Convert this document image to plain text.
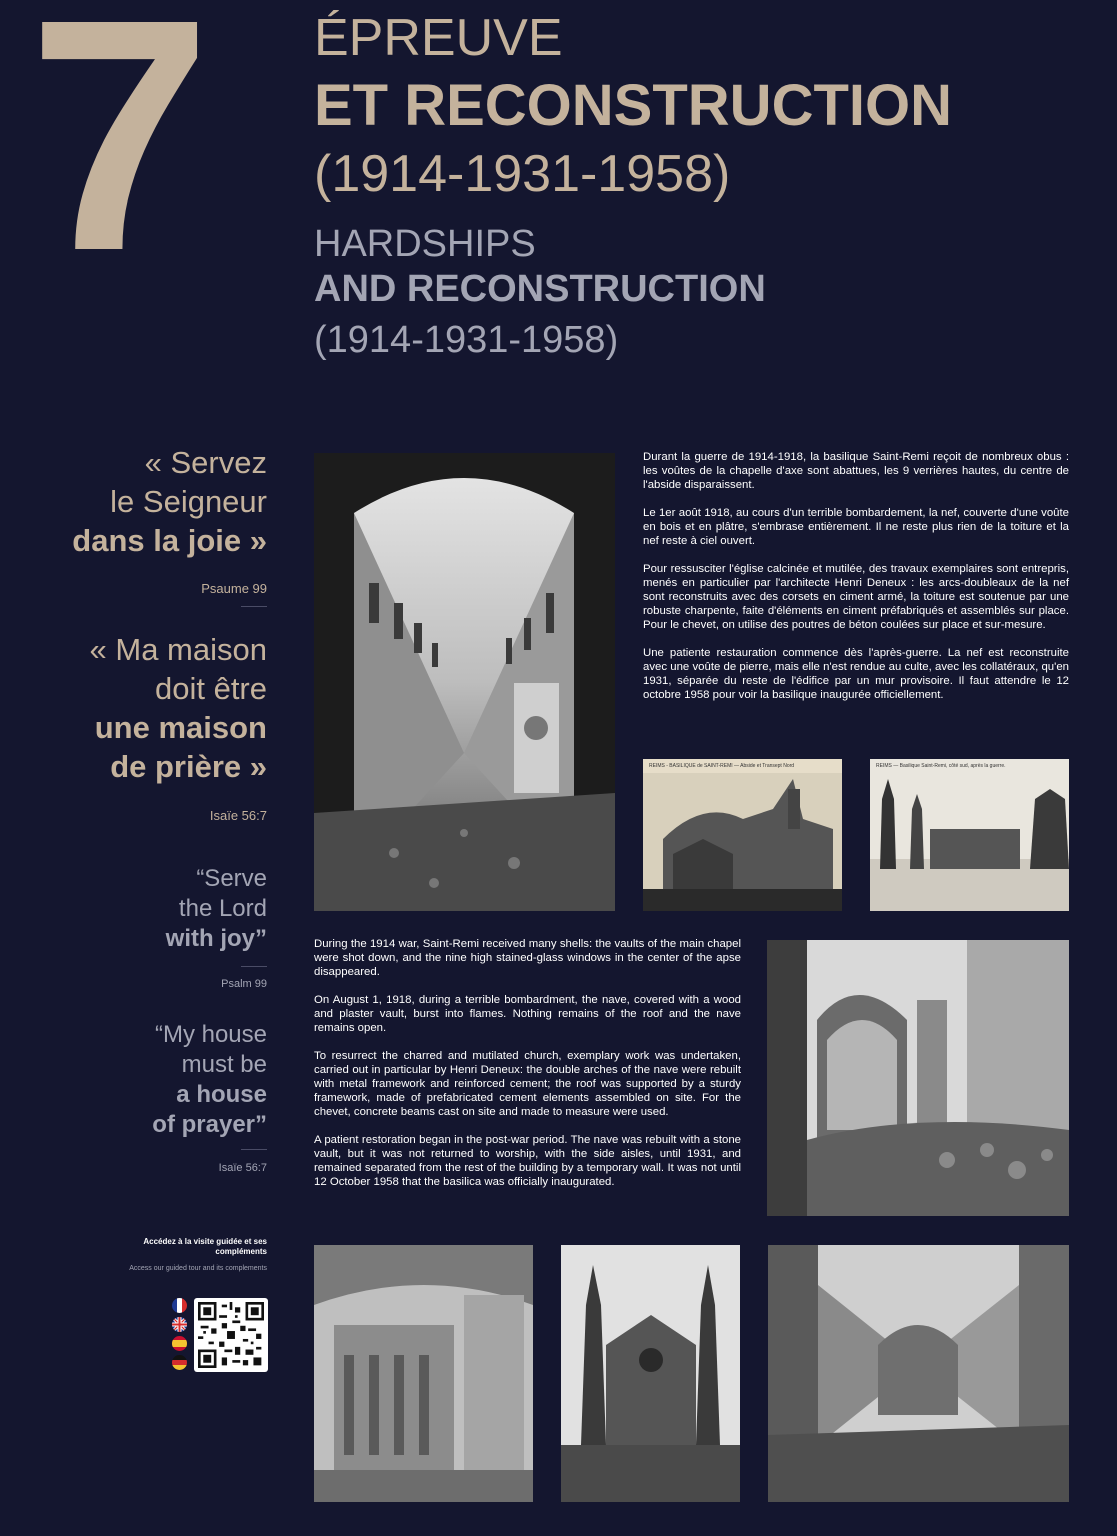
7 ÉPREUVE
ET RECONSTRUCTION
(1914-1931-1958)
HARDSHIPS
AND RECONSTRUCTION
(1914-1931-1958)
« Servez
le Seigneur
dans la joie »
Psaume 99
« Ma maison
doit être
une maison
de prière »
Isaïe 56:7
“Serve
the Lord
with joy”
Psalm 99
“My house
must be
a house
of prayer”
Isaïe 56:7
Accédez à la visite guidée et ses compléments
Access our guided tour and its complements

Durant la guerre de 1914-1918, la basilique Saint-Remi reçoit de nombreux obus : les voûtes de la chapelle d'axe sont abattues, les 9 verrières hautes, du centre de l'abside disparaissent.

Le 1er août 1918, au cours d'un terrible bombardement, la nef, couverte d'une voûte en bois et en plâtre, s'embrase entièrement. Il ne reste plus rien de la toiture et la nef reste à ciel ouvert.

Pour ressusciter l'église calcinée et mutilée, des travaux exemplaires sont entrepris, menés en particulier par l'architecte Henri Deneux : les arcs-doubleaux de la nef sont reconstruits avec des corsets en ciment armé, la toiture est soutenue par une robuste charpente, faite d'éléments en ciment préfabriqués et assemblés sur place. Pour le chevet, on utilise des poutres de béton coulées sur place et sur-mesure.

Une patiente restauration commence dès l'après-guerre. La nef est reconstruite avec une voûte de pierre, mais elle n'est rendue au culte, avec les collatéraux, qu'en 1931, séparée du reste de l'édifice par un mur provisoire. Il faut attendre le 12 octobre 1958 pour voir la basilique inaugurée officiellement.

During the 1914 war, Saint-Remi received many shells: the vaults of the main chapel were shot down, and the nine high stained-glass windows in the center of the apse disappeared.

On August 1, 1918, during a terrible bombardment, the nave, covered with a wood and plaster vault, burst into flames. Nothing remains of the roof and the nave remains open.

To resurrect the charred and mutilated church, exemplary work was undertaken, carried out in particular by Henri Deneux: the double arches of the nave were rebuilt with metal framework and reinforced cement; the roof was supported by a sturdy framework, made of prefabricated cement elements assembled on site. For the chevet, concrete beams cast on site and made to measure were used.

A patient restoration began in the post-war period. The nave was rebuilt with a stone vault, but it was not returned to worship, with the side aisles, until 1931, and remained separated from the rest of the building by a temporary wall. It was not until 12 October 1958 that the basilica was officially inaugurated.

REIMS - BASILIQUE de SAINT-REMI — Abside et Transept Nord	REIMS — Basilique Saint-Remi, côté sud, après la guerre.
